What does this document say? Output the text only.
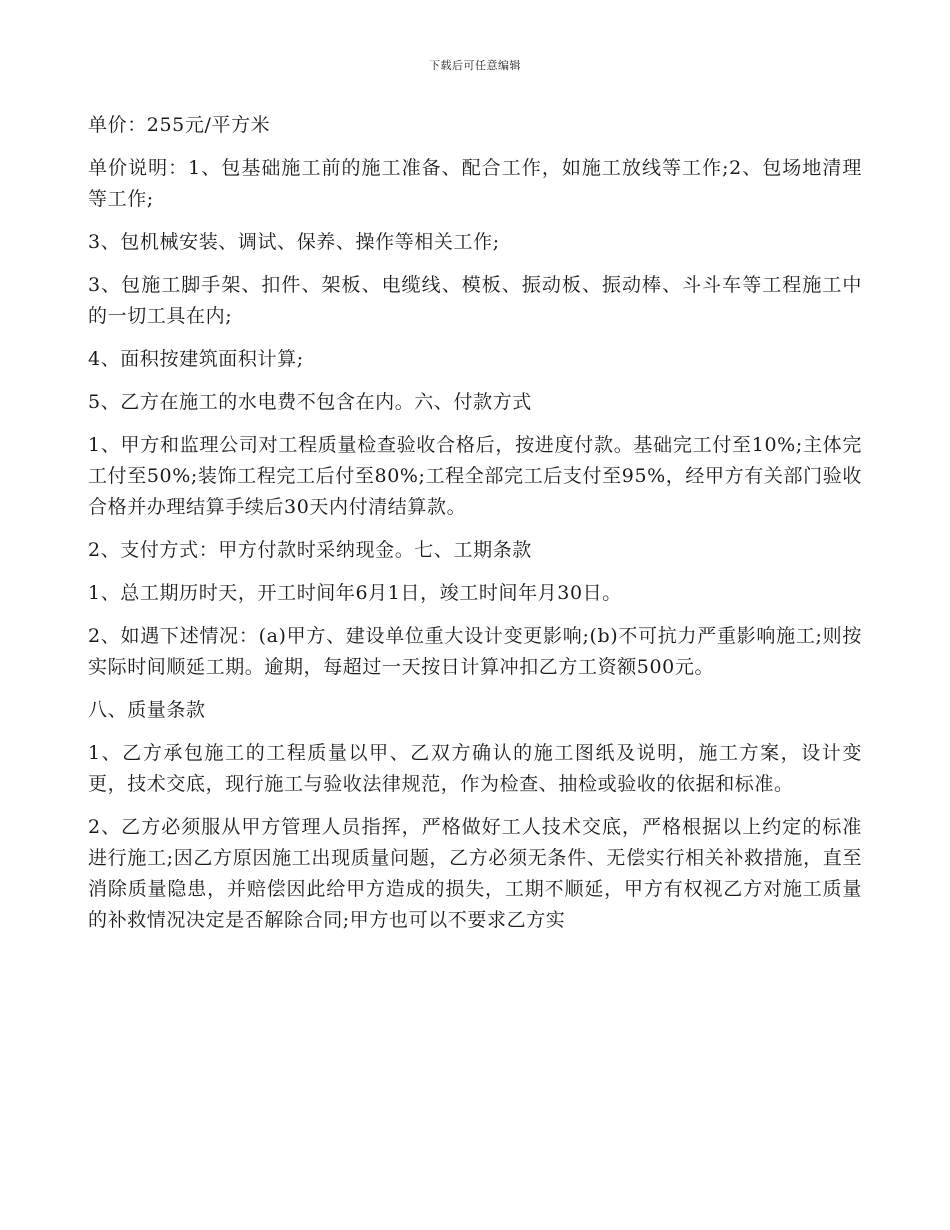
下载后可任意编辑

单价：255元/平方米

单价说明：1、包基础施工前的施工准备、配合工作，如施工放线等工作;2、包场地清理等工作;

3、包机械安装、调试、保养、操作等相关工作;

3、包施工脚手架、扣件、架板、电缆线、模板、振动板、振动棒、斗斗车等工程施工中的一切工具在内;

4、面积按建筑面积计算;

5、乙方在施工的水电费不包含在内。六、付款方式

1、甲方和监理公司对工程质量检查验收合格后，按进度付款。基础完工付至10%;主体完工付至50%;装饰工程完工后付至80%;工程全部完工后支付至95%，经甲方有关部门验收合格并办理结算手续后30天内付清结算款。

2、支付方式：甲方付款时采纳现金。七、工期条款

1、总工期历时天，开工时间年6月1日，竣工时间年月30日。

2、如遇下述情况：(a)甲方、建设单位重大设计变更影响;(b)不可抗力严重影响施工;则按实际时间顺延工期。逾期，每超过一天按日计算冲扣乙方工资额500元。

八、质量条款

1、乙方承包施工的工程质量以甲、乙双方确认的施工图纸及说明，施工方案，设计变更，技术交底，现行施工与验收法律规范，作为检查、抽检或验收的依据和标准。

2、乙方必须服从甲方管理人员指挥，严格做好工人技术交底，严格根据以上约定的标准进行施工;因乙方原因施工出现质量问题，乙方必须无条件、无偿实行相关补救措施，直至消除质量隐患，并赔偿因此给甲方造成的损失，工期不顺延，甲方有权视乙方对施工质量的补救情况决定是否解除合同;甲方也可以不要求乙方实
